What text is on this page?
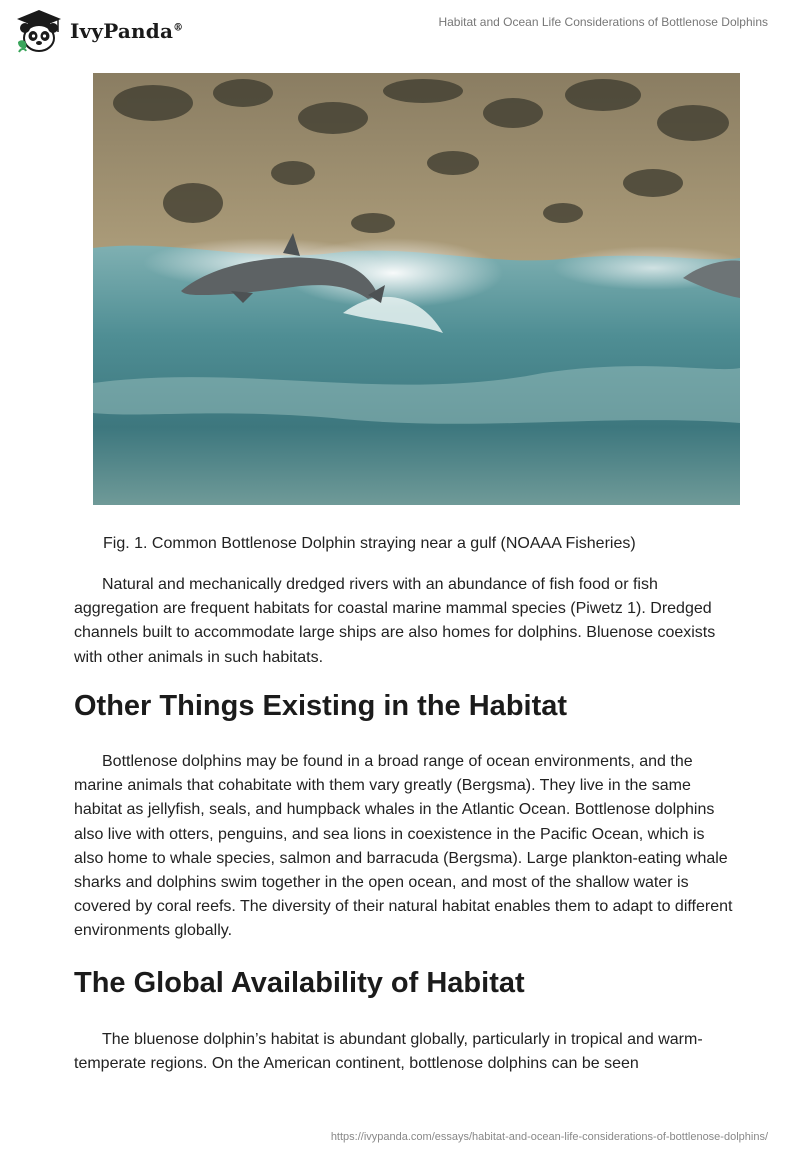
IvyPanda®	Habitat and Ocean Life Considerations of Bottlenose Dolphins
Fig. 1. Common Bottlenose Dolphin straying near a gulf (NOAAA Fisheries)

Natural and mechanically dredged rivers with an abundance of fish food or fish aggregation are frequent habitats for coastal marine mammal species (Piwetz 1). Dredged channels built to accommodate large ships are also homes for dolphins. Bluenose coexists with other animals in such habitats.

Other Things Existing in the Habitat

Bottlenose dolphins may be found in a broad range of ocean environments, and the marine animals that cohabitate with them vary greatly (Bergsma). They live in the same habitat as jellyfish, seals, and humpback whales in the Atlantic Ocean. Bottlenose dolphins also live with otters, penguins, and sea lions in coexistence in the Pacific Ocean, which is also home to whale species, salmon and barracuda (Bergsma). Large plankton-eating whale sharks and dolphins swim together in the open ocean, and most of the shallow water is covered by coral reefs. The diversity of their natural habitat enables them to adapt to different environments globally.

The Global Availability of Habitat

The bluenose dolphin’s habitat is abundant globally, particularly in tropical and warm-temperate regions. On the American continent, bottlenose dolphins can be seen

https://ivypanda.com/essays/habitat-and-ocean-life-considerations-of-bottlenose-dolphins/
